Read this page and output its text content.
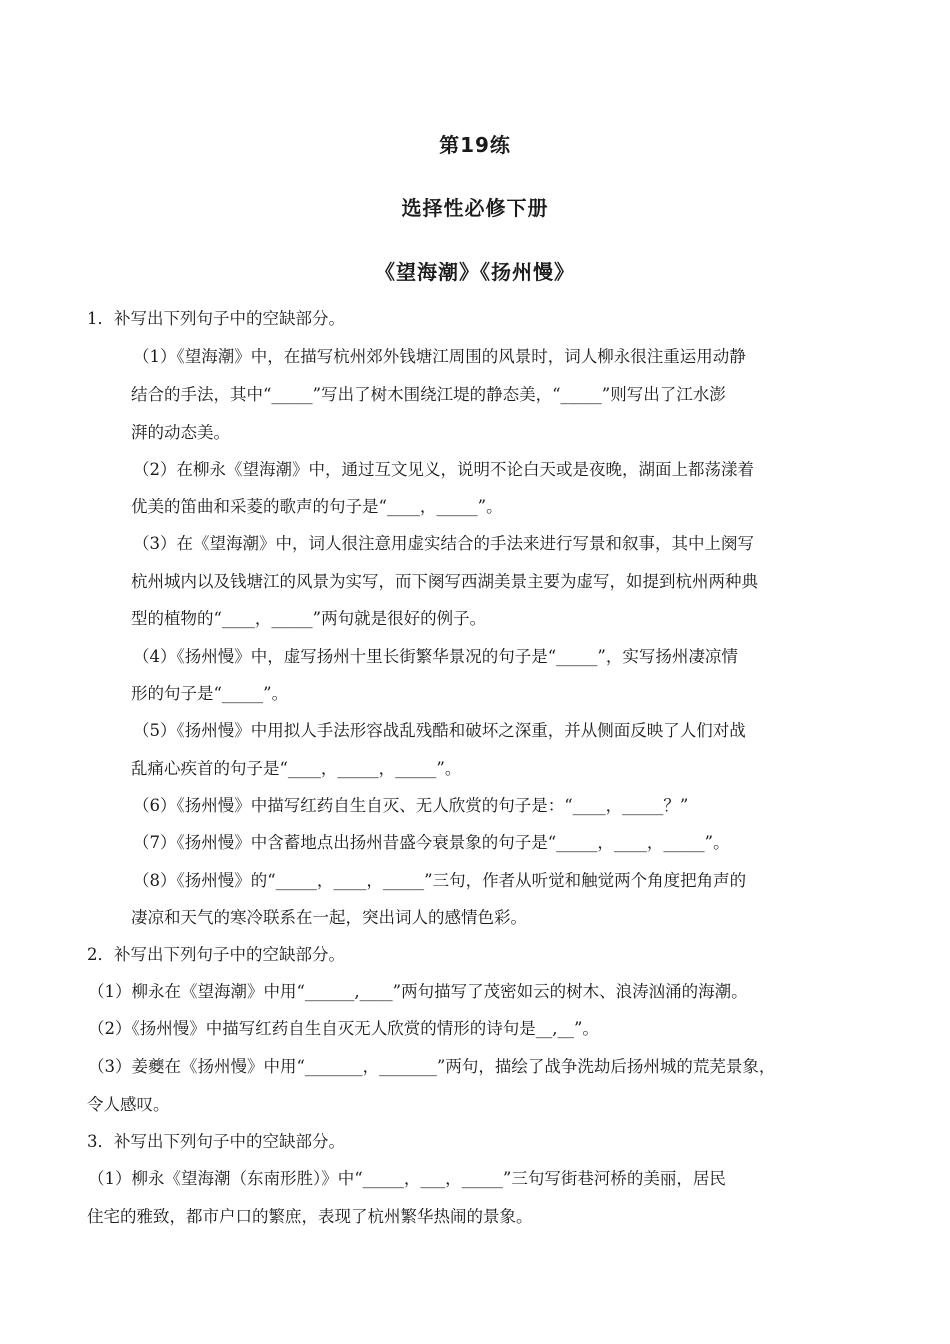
第19练
选择性必修下册
《望海潮》《扬州慢》
1．补写出下列句子中的空缺部分。
（1）《望海潮》中，在描写杭州郊外钱塘江周围的风景时，词人柳永很注重运用动静
结合的手法，其中“_____”写出了树木围绕江堤的静态美，“_____”则写出了江水澎
湃的动态美。
（2）在柳永《望海潮》中，通过互文见义，说明不论白天或是夜晚，湖面上都荡漾着
优美的笛曲和采菱的歌声的句子是“____，_____”。
（3）在《望海潮》中，词人很注意用虚实结合的手法来进行写景和叙事，其中上阕写
杭州城内以及钱塘江的风景为实写，而下阕写西湖美景主要为虚写，如提到杭州两种典
型的植物的“____，_____”两句就是很好的例子。
（4）《扬州慢》中，虚写扬州十里长街繁华景况的句子是“_____”，实写扬州凄凉情
形的句子是“_____”。
（5）《扬州慢》中用拟人手法形容战乱残酷和破坏之深重，并从侧面反映了人们对战
乱痛心疾首的句子是“____，_____，_____”。
（6）《扬州慢》中描写红药自生自灭、无人欣赏的句子是：“____，_____？”
（7）《扬州慢》中含蓄地点出扬州昔盛今衰景象的句子是“_____，____，_____”。
（8）《扬州慢》的“_____，____，_____”三句，作者从听觉和触觉两个角度把角声的
凄凉和天气的寒冷联系在一起，突出词人的感情色彩。
2．补写出下列句子中的空缺部分。
（1）柳永在《望海潮》中用“______,____”两句描写了茂密如云的树木、浪涛汹涌的海潮。
（2）《扬州慢》中描写红药自生自灭无人欣赏的情形的诗句是__,__”。
（3）姜夔在《扬州慢》中用“_______，_______”两句，描绘了战争洗劫后扬州城的荒芜景象，
令人感叹。
3．补写出下列句子中的空缺部分。
（1）柳永《望海潮（东南形胜）》中“_____，___，_____”三句写街巷河桥的美丽，居民
住宅的雅致，都市户口的繁庶，表现了杭州繁华热闹的景象。
